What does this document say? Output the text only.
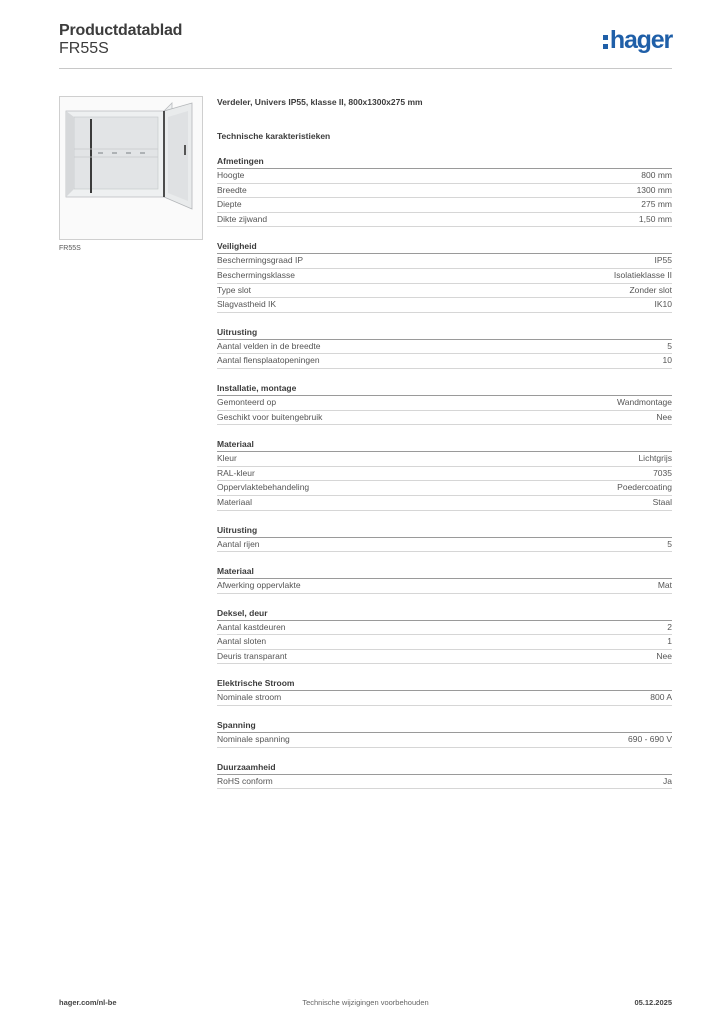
Productdatablad
FR55S	hager
FR55S
Verdeler, Univers IP55, klasse II, 800x1300x275 mm
Technische karakteristieken
Afmetingen
Hoogte	800 mm
Breedte	1300 mm
Diepte	275 mm
Dikte zijwand	1,50 mm
Veiligheid
Beschermingsgraad IP	IP55
Beschermingsklasse	Isolatieklasse II
Type slot	Zonder slot
Slagvastheid IK	IK10
Uitrusting
Aantal velden in de breedte	5
Aantal flensplaatopeningen	10
Installatie, montage
Gemonteerd op	Wandmontage
Geschikt voor buitengebruik	Nee
Materiaal
Kleur	Lichtgrijs
RAL-kleur	7035
Oppervlaktebehandeling	Poedercoating
Materiaal	Staal
Uitrusting
Aantal rijen	5
Materiaal
Afwerking oppervlakte	Mat
Deksel, deur
Aantal kastdeuren	2
Aantal sloten	1
Deuris transparant	Nee
Elektrische Stroom
Nominale stroom	800 A
Spanning
Nominale spanning	690 - 690 V
Duurzaamheid
RoHS conform	Ja
Technische wijzigingen voorbehouden
hager.com/nl-be	05.12.2025
